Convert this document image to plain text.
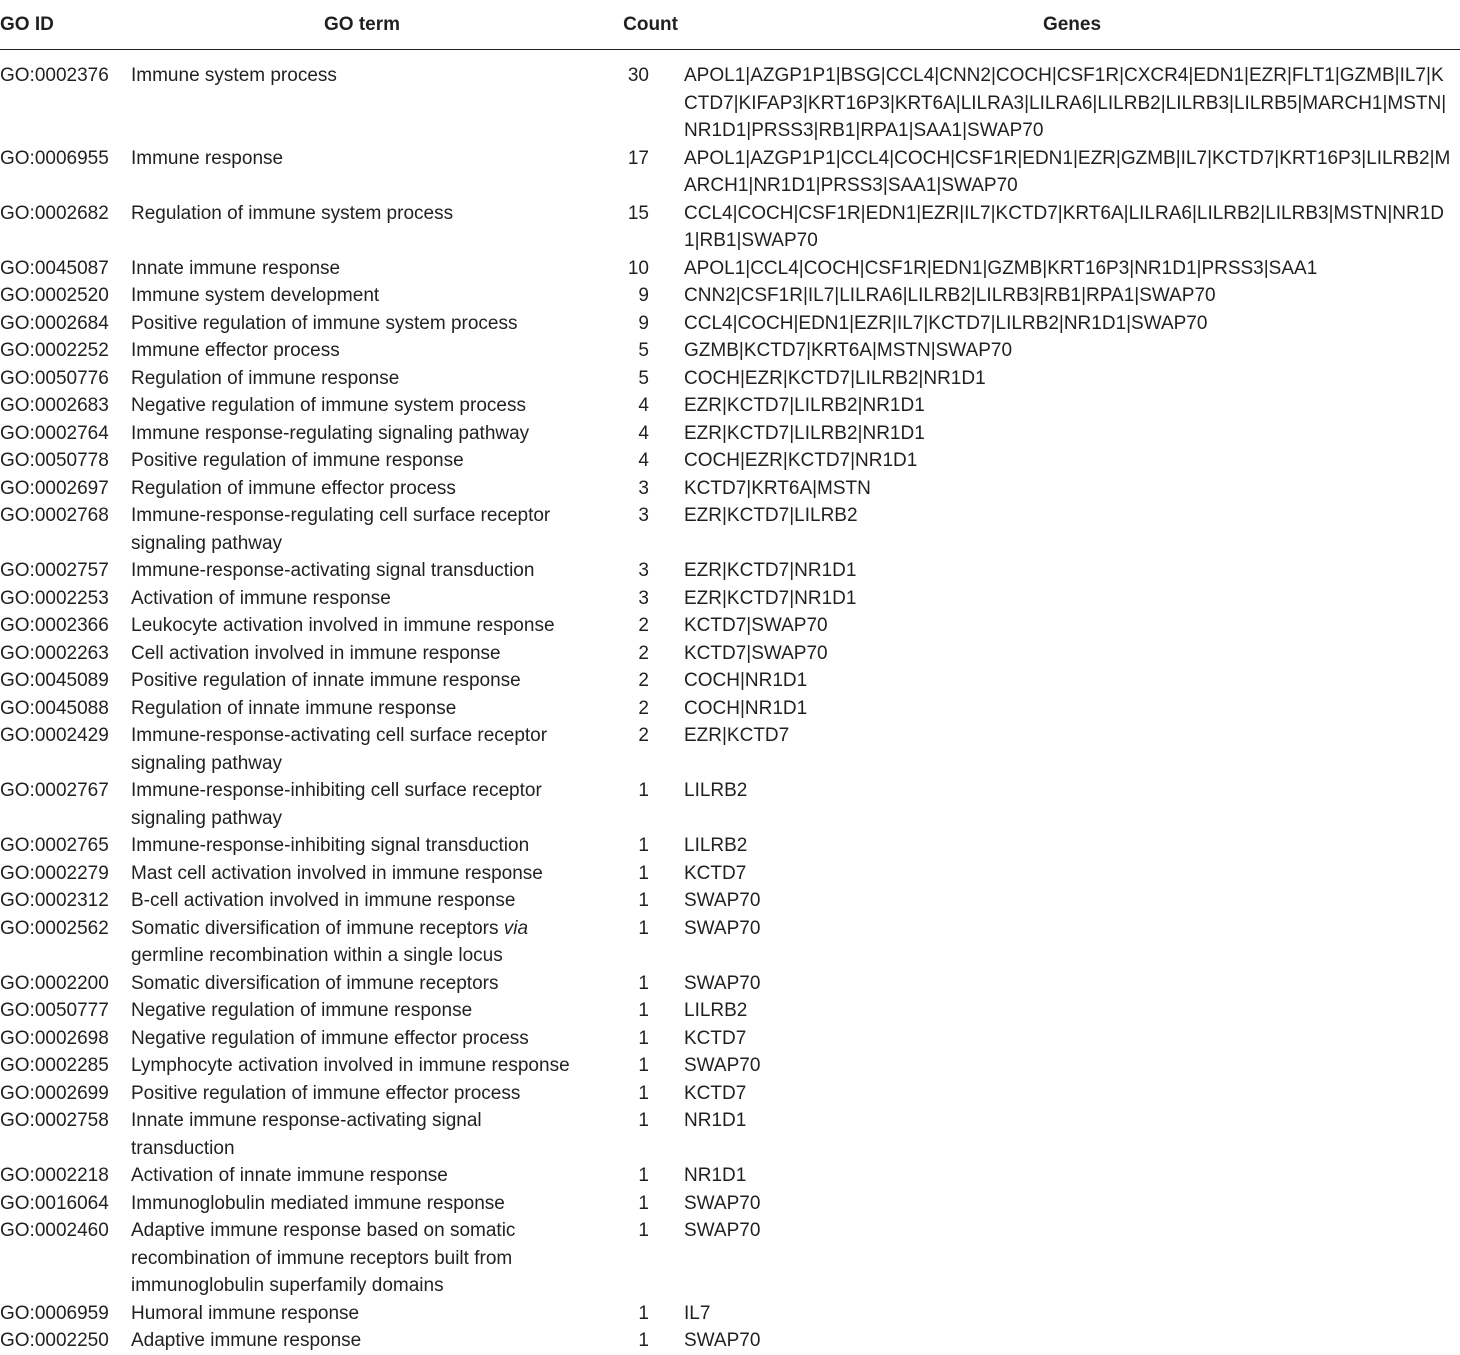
GO ID	GO term	Count	Genes
GO:0002376	Immune system process	30	APOL1|AZGP1P1|BSG|CCL4|CNN2|COCH|CSF1R|CXCR4|EDN1|EZR|FLT1|GZMB|IL7|KCTD7|KIFAP3|KRT16P3|KRT6A|LILRA3|LILRA6|LILRB2|LILRB3|LILRB5|MARCH1|MSTN|NR1D1|PRSS3|RB1|RPA1|SAA1|SWAP70
GO:0006955	Immune response	17	APOL1|AZGP1P1|CCL4|COCH|CSF1R|EDN1|EZR|GZMB|IL7|KCTD7|KRT16P3|LILRB2|MARCH1|NR1D1|PRSS3|SAA1|SWAP70
GO:0002682	Regulation of immune system process	15	CCL4|COCH|CSF1R|EDN1|EZR|IL7|KCTD7|KRT6A|LILRA6|LILRB2|LILRB3|MSTN|NR1D1|RB1|SWAP70
GO:0045087	Innate immune response	10	APOL1|CCL4|COCH|CSF1R|EDN1|GZMB|KRT16P3|NR1D1|PRSS3|SAA1
GO:0002520	Immune system development	9	CNN2|CSF1R|IL7|LILRA6|LILRB2|LILRB3|RB1|RPA1|SWAP70
GO:0002684	Positive regulation of immune system process	9	CCL4|COCH|EDN1|EZR|IL7|KCTD7|LILRB2|NR1D1|SWAP70
GO:0002252	Immune effector process	5	GZMB|KCTD7|KRT6A|MSTN|SWAP70
GO:0050776	Regulation of immune response	5	COCH|EZR|KCTD7|LILRB2|NR1D1
GO:0002683	Negative regulation of immune system process	4	EZR|KCTD7|LILRB2|NR1D1
GO:0002764	Immune response-regulating signaling pathway	4	EZR|KCTD7|LILRB2|NR1D1
GO:0050778	Positive regulation of immune response	4	COCH|EZR|KCTD7|NR1D1
GO:0002697	Regulation of immune effector process	3	KCTD7|KRT6A|MSTN
GO:0002768	Immune-response-regulating cell surface receptor signaling pathway	3	EZR|KCTD7|LILRB2
GO:0002757	Immune-response-activating signal transduction	3	EZR|KCTD7|NR1D1
GO:0002253	Activation of immune response	3	EZR|KCTD7|NR1D1
GO:0002366	Leukocyte activation involved in immune response	2	KCTD7|SWAP70
GO:0002263	Cell activation involved in immune response	2	KCTD7|SWAP70
GO:0045089	Positive regulation of innate immune response	2	COCH|NR1D1
GO:0045088	Regulation of innate immune response	2	COCH|NR1D1
GO:0002429	Immune-response-activating cell surface receptor signaling pathway	2	EZR|KCTD7
GO:0002767	Immune-response-inhibiting cell surface receptor signaling pathway	1	LILRB2
GO:0002765	Immune-response-inhibiting signal transduction	1	LILRB2
GO:0002279	Mast cell activation involved in immune response	1	KCTD7
GO:0002312	B-cell activation involved in immune response	1	SWAP70
GO:0002562	Somatic diversification of immune receptors via germline recombination within a single locus	1	SWAP70
GO:0002200	Somatic diversification of immune receptors	1	SWAP70
GO:0050777	Negative regulation of immune response	1	LILRB2
GO:0002698	Negative regulation of immune effector process	1	KCTD7
GO:0002285	Lymphocyte activation involved in immune response	1	SWAP70
GO:0002699	Positive regulation of immune effector process	1	KCTD7
GO:0002758	Innate immune response-activating signal transduction	1	NR1D1
GO:0002218	Activation of innate immune response	1	NR1D1
GO:0016064	Immunoglobulin mediated immune response	1	SWAP70
GO:0002460	Adaptive immune response based on somatic recombination of immune receptors built from immunoglobulin superfamily domains	1	SWAP70
GO:0006959	Humoral immune response	1	IL7
GO:0002250	Adaptive immune response	1	SWAP70
